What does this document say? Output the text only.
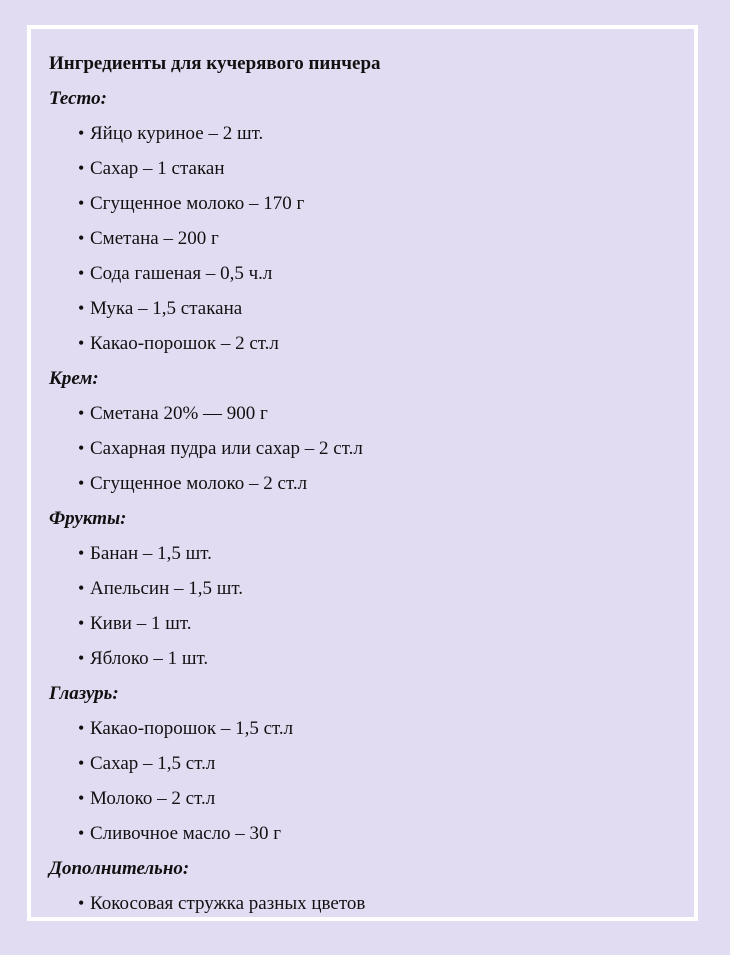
Ингредиенты для кучерявого пинчера
Тесто:
• Яйцо куриное – 2 шт.
• Сахар – 1 стакан
• Сгущенное молоко – 170 г
• Сметана – 200 г
• Сода гашеная – 0,5 ч.л
• Мука – 1,5 стакана
• Какао-порошок – 2 ст.л
Крем:
• Сметана 20% — 900 г
• Сахарная пудра или сахар – 2 ст.л
• Сгущенное молоко – 2 ст.л
Фрукты:
• Банан – 1,5 шт.
• Апельсин – 1,5 шт.
• Киви – 1 шт.
• Яблоко – 1 шт.
Глазурь:
• Какао-порошок – 1,5 ст.л
• Сахар – 1,5 ст.л
• Молоко – 2 ст.л
• Сливочное масло – 30 г
Дополнительно:
• Кокосовая стружка разных цветов
